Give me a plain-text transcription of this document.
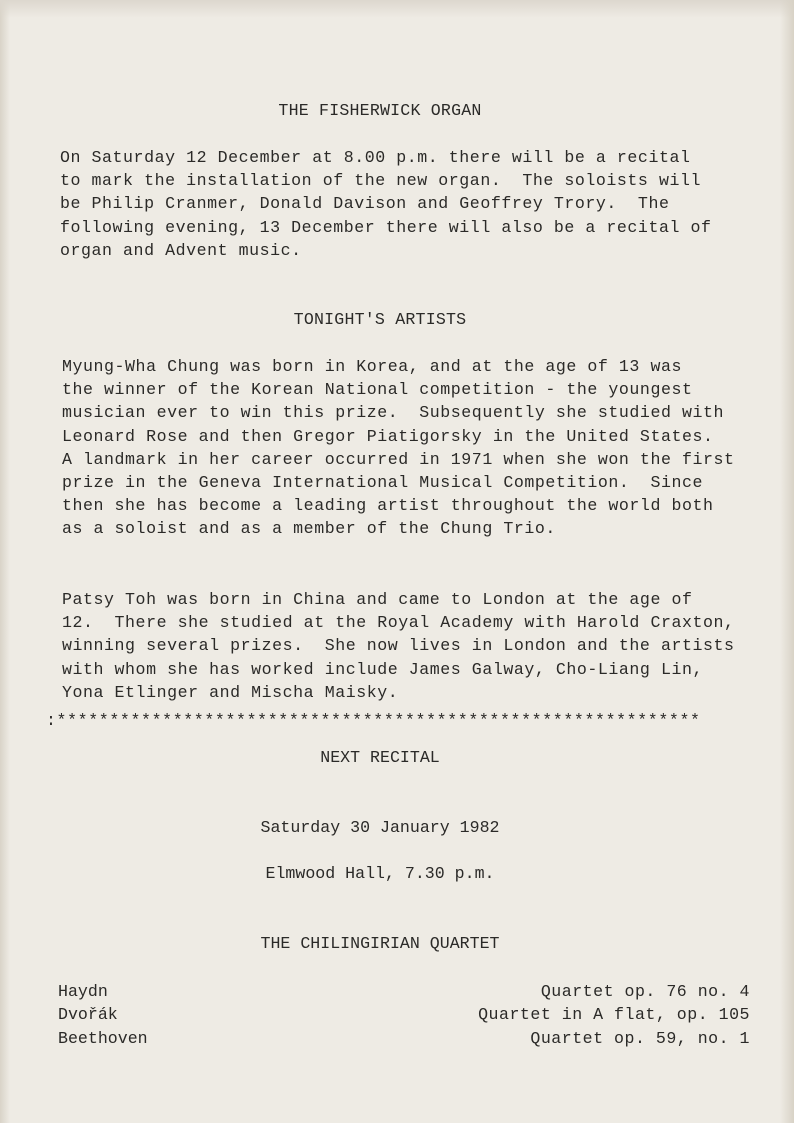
THE FISHERWICK ORGAN
On Saturday 12 December at 8.00 p.m. there will be a recital
to mark the installation of the new organ.  The soloists will
be Philip Cranmer, Donald Davison and Geoffrey Trory.  The
following evening, 13 December there will also be a recital of
organ and Advent music.
TONIGHT'S ARTISTS
Myung-Wha Chung was born in Korea, and at the age of 13 was
the winner of the Korean National competition - the youngest
musician ever to win this prize.  Subsequently she studied with
Leonard Rose and then Gregor Piatigorsky in the United States.
A landmark in her career occurred in 1971 when she won the first
prize in the Geneva International Musical Competition.  Since
then she has become a leading artist throughout the world both
as a soloist and as a member of the Chung Trio.
Patsy Toh was born in China and came to London at the age of
12.  There she studied at the Royal Academy with Harold Craxton,
winning several prizes.  She now lives in London and the artists
with whom she has worked include James Galway, Cho-Liang Lin,
Yona Etlinger and Mischa Maisky.
:*************************************************************
NEXT RECITAL
Saturday 30 January 1982
Elmwood Hall, 7.30 p.m.
THE CHILINGIRIAN QUARTET
Haydn	Quartet op. 76 no. 4
Dvořák	Quartet in A flat, op. 105
Beethoven	Quartet op. 59, no. 1
